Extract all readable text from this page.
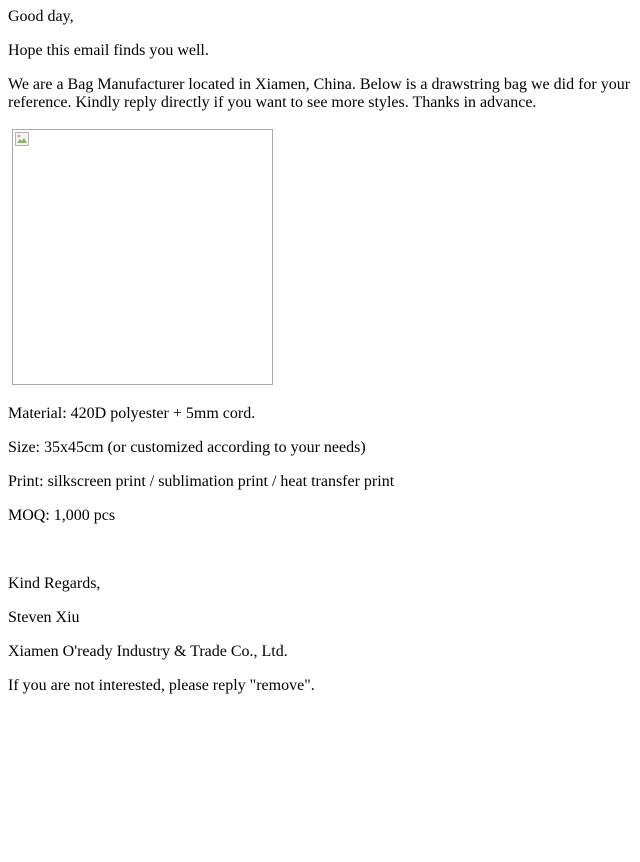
Good day,

Hope this email finds you well.

We are a Bag Manufacturer located in Xiamen, China. Below is a drawstring bag we did for your reference. Kindly reply directly if you want to see more styles. Thanks in advance.

Material: 420D polyester + 5mm cord.

Size: 35x45cm (or customized according to your needs)

Print: silkscreen print / sublimation print / heat transfer print

MOQ: 1,000 pcs

Kind Regards,

Steven Xiu

Xiamen O'ready Industry & Trade Co., Ltd.

If you are not interested, please reply "remove".
